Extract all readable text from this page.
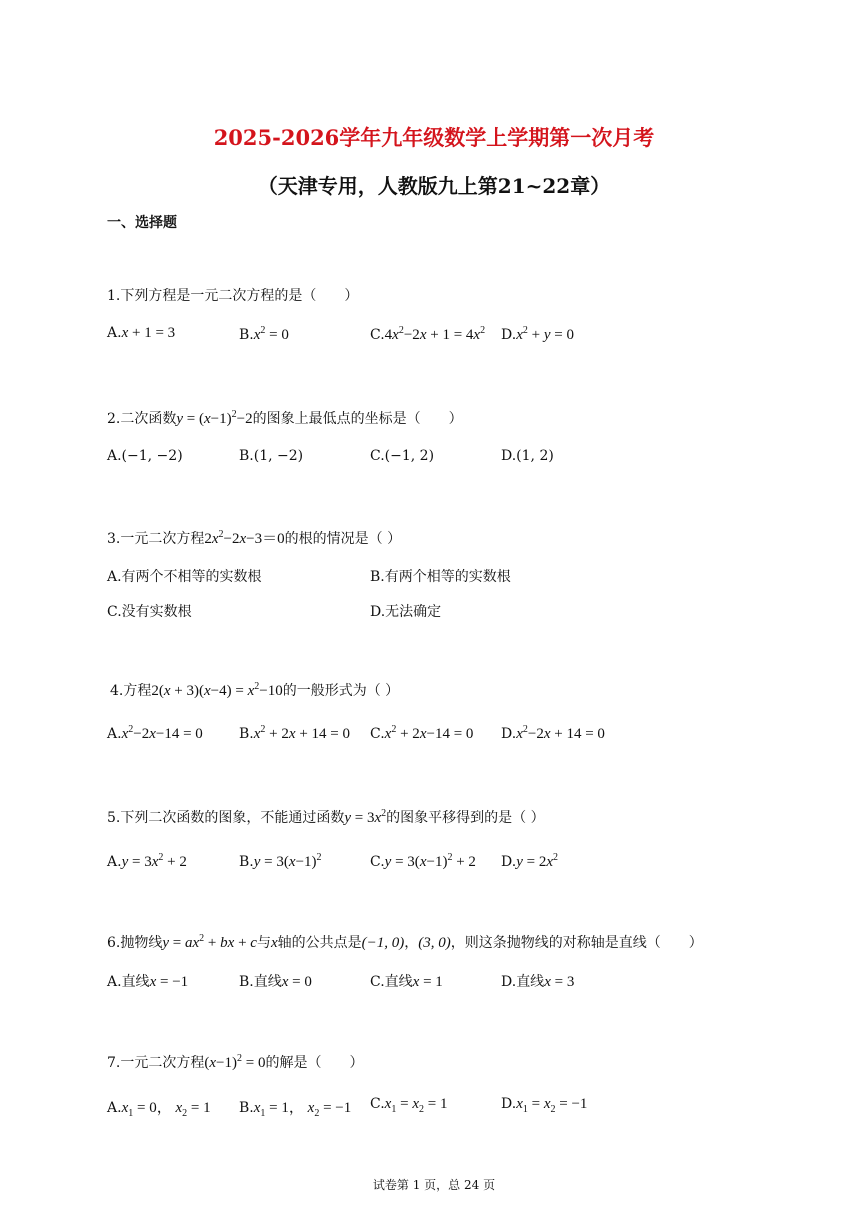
2025-2026学年九年级数学上学期第一次月考
（天津专用，人教版九上第21~22章）
一、选择题
1.下列方程是一元二次方程的是（　　）
A.x + 1 = 3	$B.x^2 = 0$	$C.4x^2-2x + 1 = 4x^2$ $D.x^2 + y = 0$
2.二次函数$y = (x-1)^2-2$的图象上最低点的坐标是（　　）
A.(−1, −2)	B.(1, −2)	C.(−1, 2)	D.(1, 2)
3.一元二次方程$2x^2-2x-3=0$的根的情况是（ ）
A.有两个不相等的实数根	B.有两个相等的实数根
C.没有实数根	D.无法确定
4.方程$2(x + 3)(x-4) = x^2-10$的一般形式为（ ）
$A.x^2-2x-14 = 0$	$B.x^2 + 2x + 14 = 0$ $C.x^2 + 2x-14 = 0$ $D.x^2-2x + 14 = 0$
5.下列二次函数的图象，不能通过函数$y = 3x^2$的图象平移得到的是（ ）
$A.y = 3x^2 + 2$	$B.y = 3(x-1)^2$	$C.y = 3(x-1)^2 + 2$ $D.y = 2x^2$
6.抛物线$y = ax^2$ + bx + c与x轴的公共点是(−1, 0)，(3, 0)，则这条抛物线的对称轴是直线（　　）
A.直线x = −1	B.直线x = 0	C.直线x = 1	D.直线x = 3
7.一元二次方程$(x-1)^2 = 0$的解是（　　）
$A.x_1 = 0$， $x_2 = 1$ $B.x_1 = 1$， $x_2 = -1$ $C.x_1 = x_2 = 1$	$D.x_1 = x_2 = -1$
试卷第 1 页，总 24 页
